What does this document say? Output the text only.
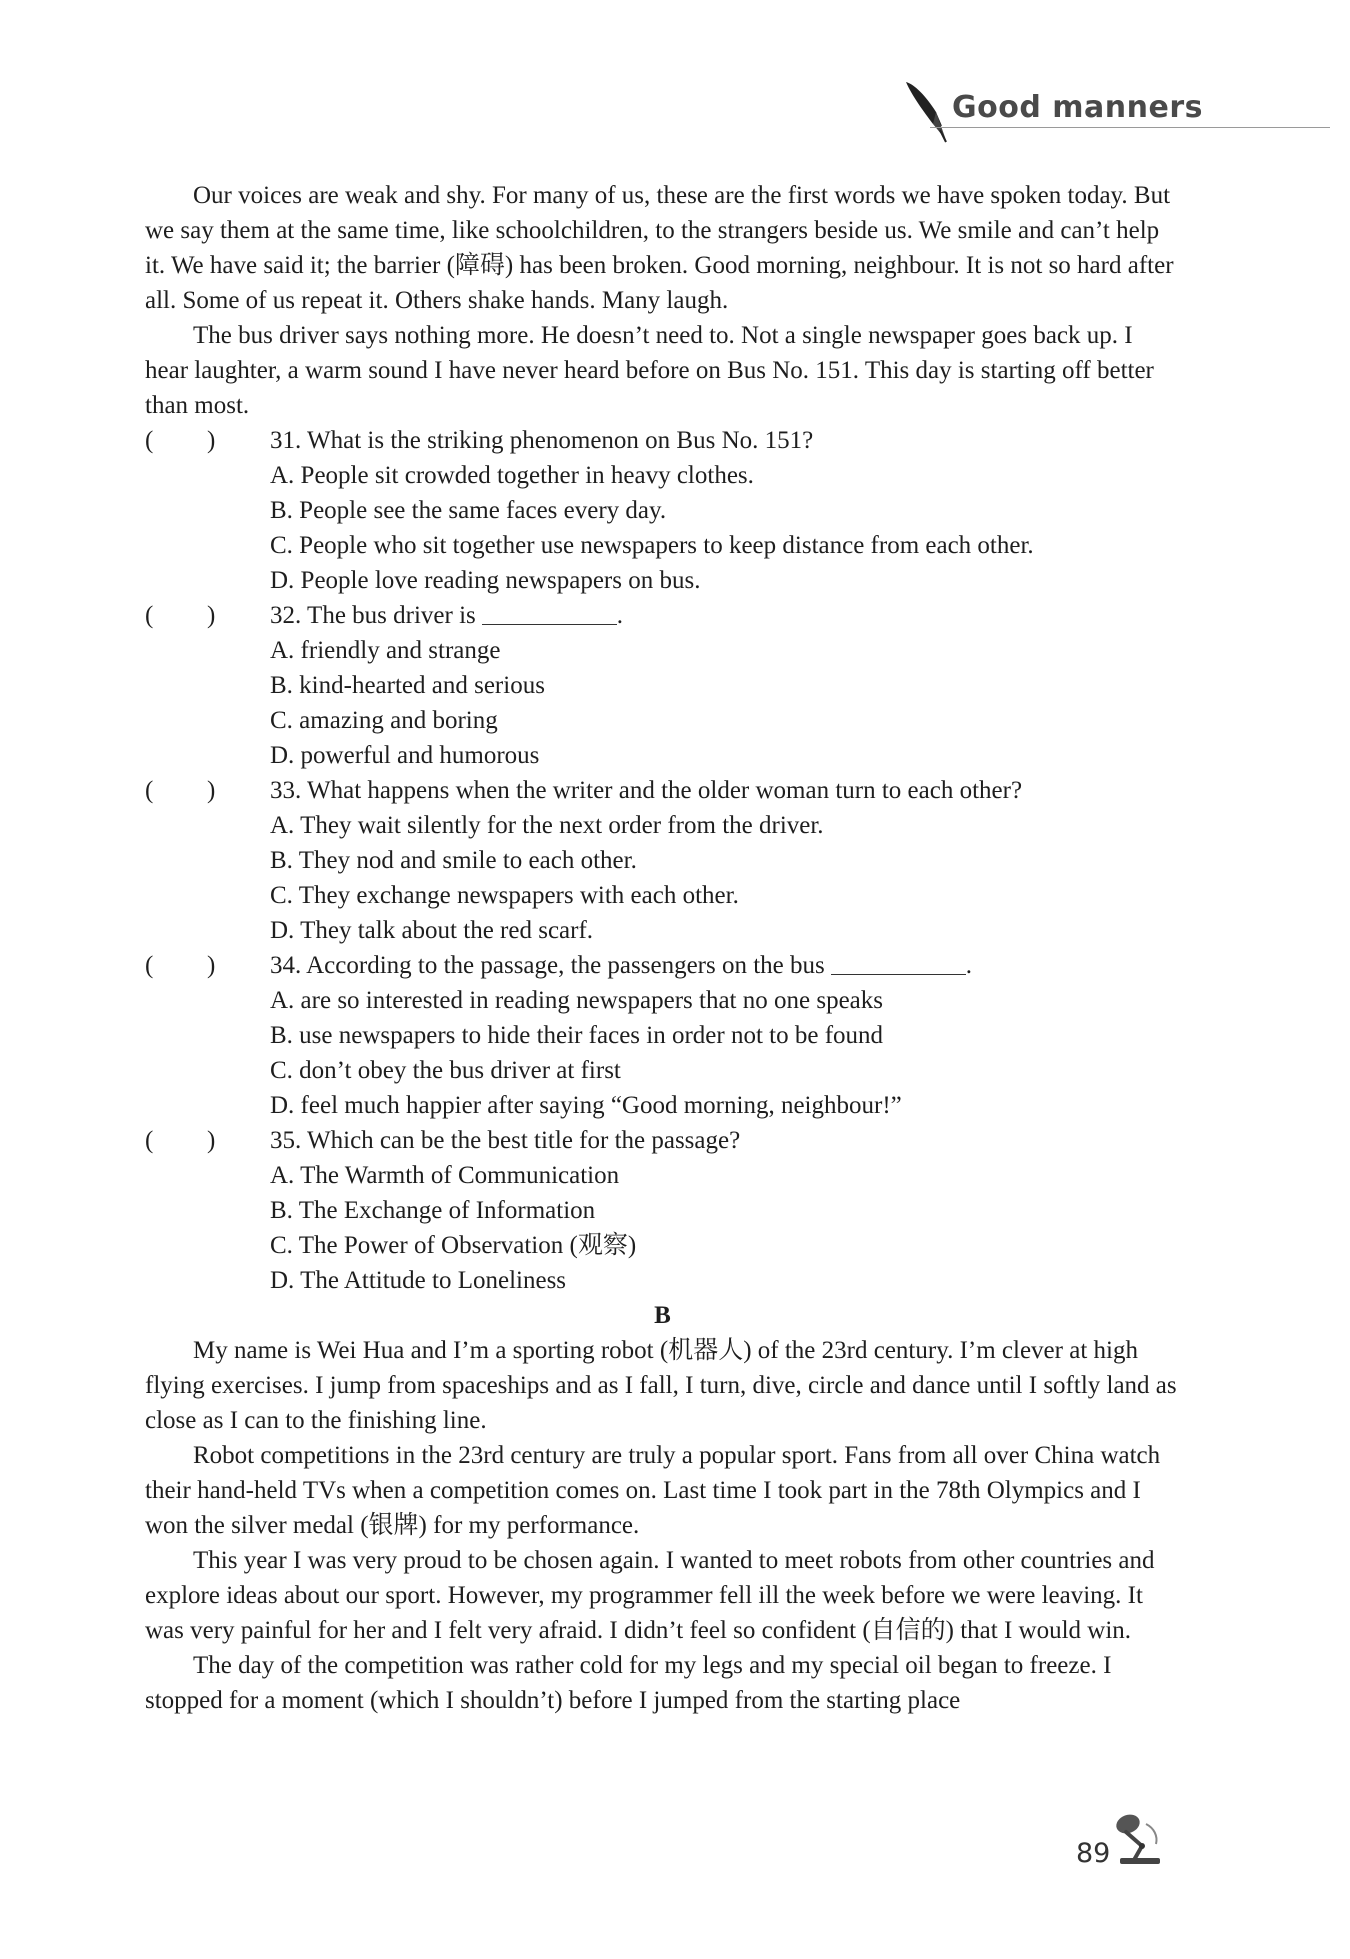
Good manners

Our voices are weak and shy. For many of us, these are the first words we have spoken today. But we say them at the same time, like schoolchildren, to the strangers beside us. We smile and can’t help it. We have said it; the barrier (障碍) has been broken. Good morning, neighbour. It is not so hard after all. Some of us repeat it. Others shake hands. Many laugh.

The bus driver says nothing more. He doesn’t need to. Not a single newspaper goes back up. I hear laughter, a warm sound I have never heard before on Bus No. 151. This day is starting off better than most.

( ) 31. What is the striking phenomenon on Bus No. 151?
A. People sit crowded together in heavy clothes.
B. People see the same faces every day.
C. People who sit together use newspapers to keep distance from each other.
D. People love reading newspapers on bus.
( ) 32. The bus driver is	.
A. friendly and strange
B. kind-hearted and serious
C. amazing and boring
D. powerful and humorous
( ) 33. What happens when the writer and the older woman turn to each other?
A. They wait silently for the next order from the driver.
B. They nod and smile to each other.
C. They exchange newspapers with each other.
D. They talk about the red scarf.
( ) 34. According to the passage, the passengers on the bus	.
A. are so interested in reading newspapers that no one speaks
B. use newspapers to hide their faces in order not to be found
C. don’t obey the bus driver at first
D. feel much happier after saying “Good morning, neighbour!”
( ) 35. Which can be the best title for the passage?
A. The Warmth of Communication
B. The Exchange of Information
C. The Power of Observation (观察)
D. The Attitude to Loneliness
B

My name is Wei Hua and I’m a sporting robot (机器人) of the 23rd century. I’m clever at high flying exercises. I jump from spaceships and as I fall, I turn, dive, circle and dance until I softly land as close as I can to the finishing line.

Robot competitions in the 23rd century are truly a popular sport. Fans from all over China watch their hand-held TVs when a competition comes on. Last time I took part in the 78th Olympics and I won the silver medal (银牌) for my performance.

This year I was very proud to be chosen again. I wanted to meet robots from other countries and explore ideas about our sport. However, my programmer fell ill the week before we were leaving. It was very painful for her and I felt very afraid. I didn’t feel so confident (自信的) that I would win.

The day of the competition was rather cold for my legs and my special oil began to freeze. I stopped for a moment (which I shouldn’t) before I jumped from the starting place

89
